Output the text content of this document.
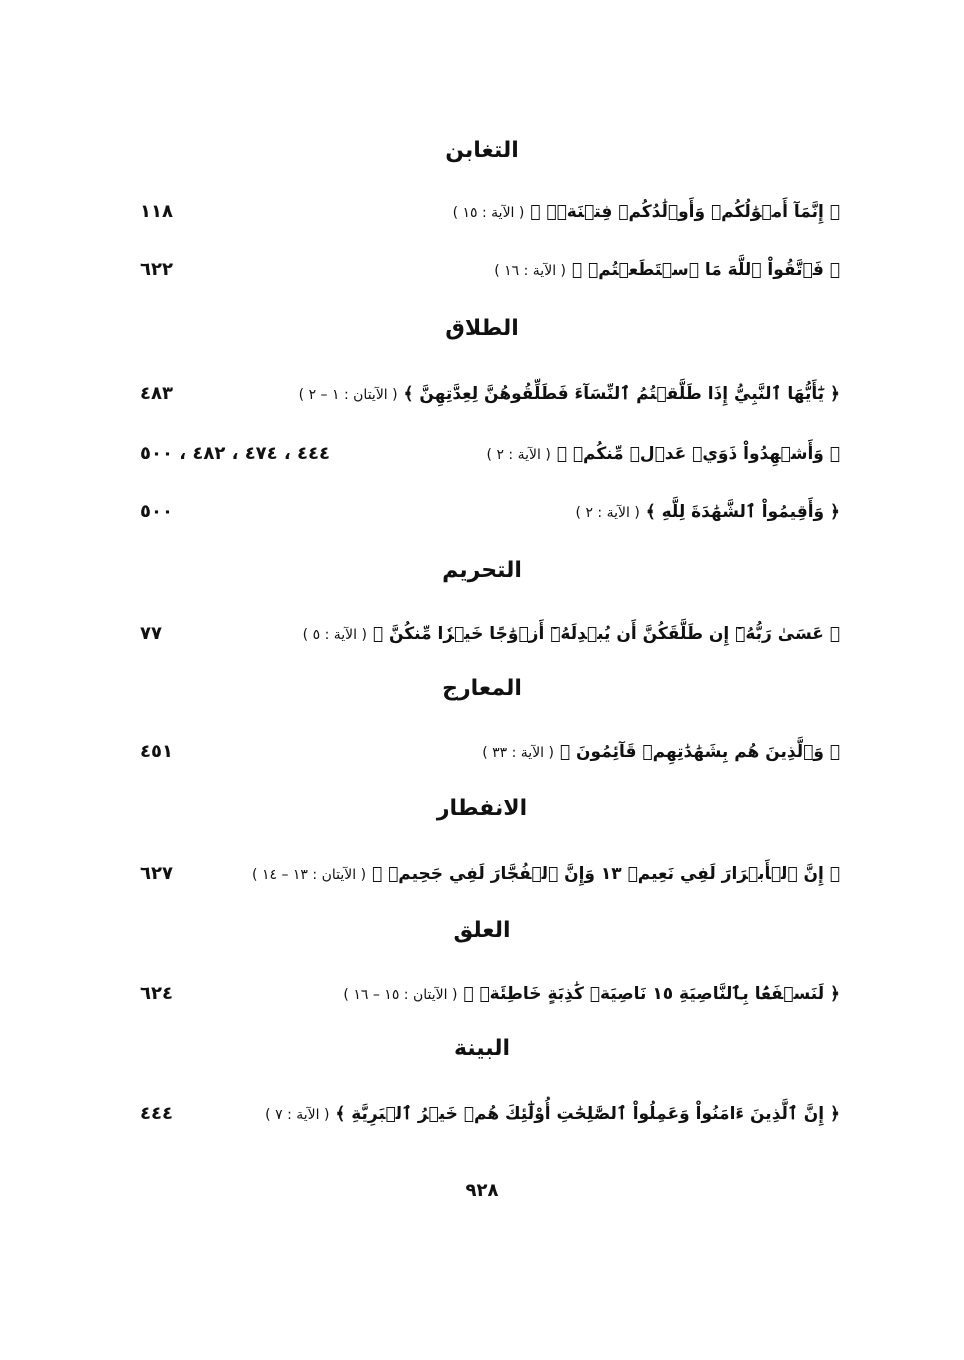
التغابن
﴿ إِنَّمَآ أَمۡوَٰلُكُمۡ وَأَوۡلَٰدُكُمۡ فِتۡنَةٞۚ ﴾ ( الآية : ١٥ )
١١٨
﴿ فَٱتَّقُواْ ٱللَّهَ مَا ٱسۡتَطَعۡتُمۡ ﴾ ( الآية : ١٦ )
٦٢٢
الطلاق
﴿ يَٰٓأَيُّهَا ٱلنَّبِيُّ إِذَا طَلَّقۡتُمُ ٱلنِّسَآءَ فَطَلِّقُوهُنَّ لِعِدَّتِهِنَّ ﴾ ( الآيتان : ١ – ٢ )
٤٨٣
﴿ وَأَشۡهِدُواْ ذَوَيۡ عَدۡلٖ مِّنكُمۡ ﴾ ( الآية : ٢ )
٤٤٤ ، ٤٧٤ ، ٤٨٢ ، ٥٠٠
﴿ وَأَقِيمُواْ ٱلشَّهَٰدَةَ لِلَّهِ ﴾ ( الآية : ٢ )
٥٠٠
التحريم
﴿ عَسَىٰ رَبُّهُۥٓ إِن طَلَّقَكُنَّ أَن يُبۡدِلَهُۥٓ أَزۡوَٰجًا خَيۡرٗا مِّنكُنَّ ﴾ ( الآية : ٥ )
٧٧
المعارج
﴿ وَٱلَّذِينَ هُم بِشَهَٰدَٰتِهِمۡ قَآئِمُونَ ﴾ ( الآية : ٣٣ )
٤٥١
الانفطار
﴿ إِنَّ ٱلۡأَبۡرَارَ لَفِي نَعِيمٖ ١٣ وَإِنَّ ٱلۡفُجَّارَ لَفِي جَحِيمٖ ﴾ ( الآيتان : ١٣ – ١٤ )
٦٢٧
العلق
﴿ لَنَسۡفَعَۢا بِٱلنَّاصِيَةِ ١٥ نَاصِيَةٖ كَٰذِبَةٍ خَاطِئَةٖ ﴾ ( الآيتان : ١٥ – ١٦ )
٦٢٤
البينة
﴿ إِنَّ ٱلَّذِينَ ءَامَنُواْ وَعَمِلُواْ ٱلصَّٰلِحَٰتِ أُوْلَٰٓئِكَ هُمۡ خَيۡرُ ٱلۡبَرِيَّةِ ﴾ ( الآية : ٧ )
٤٤٤
٩٢٨
